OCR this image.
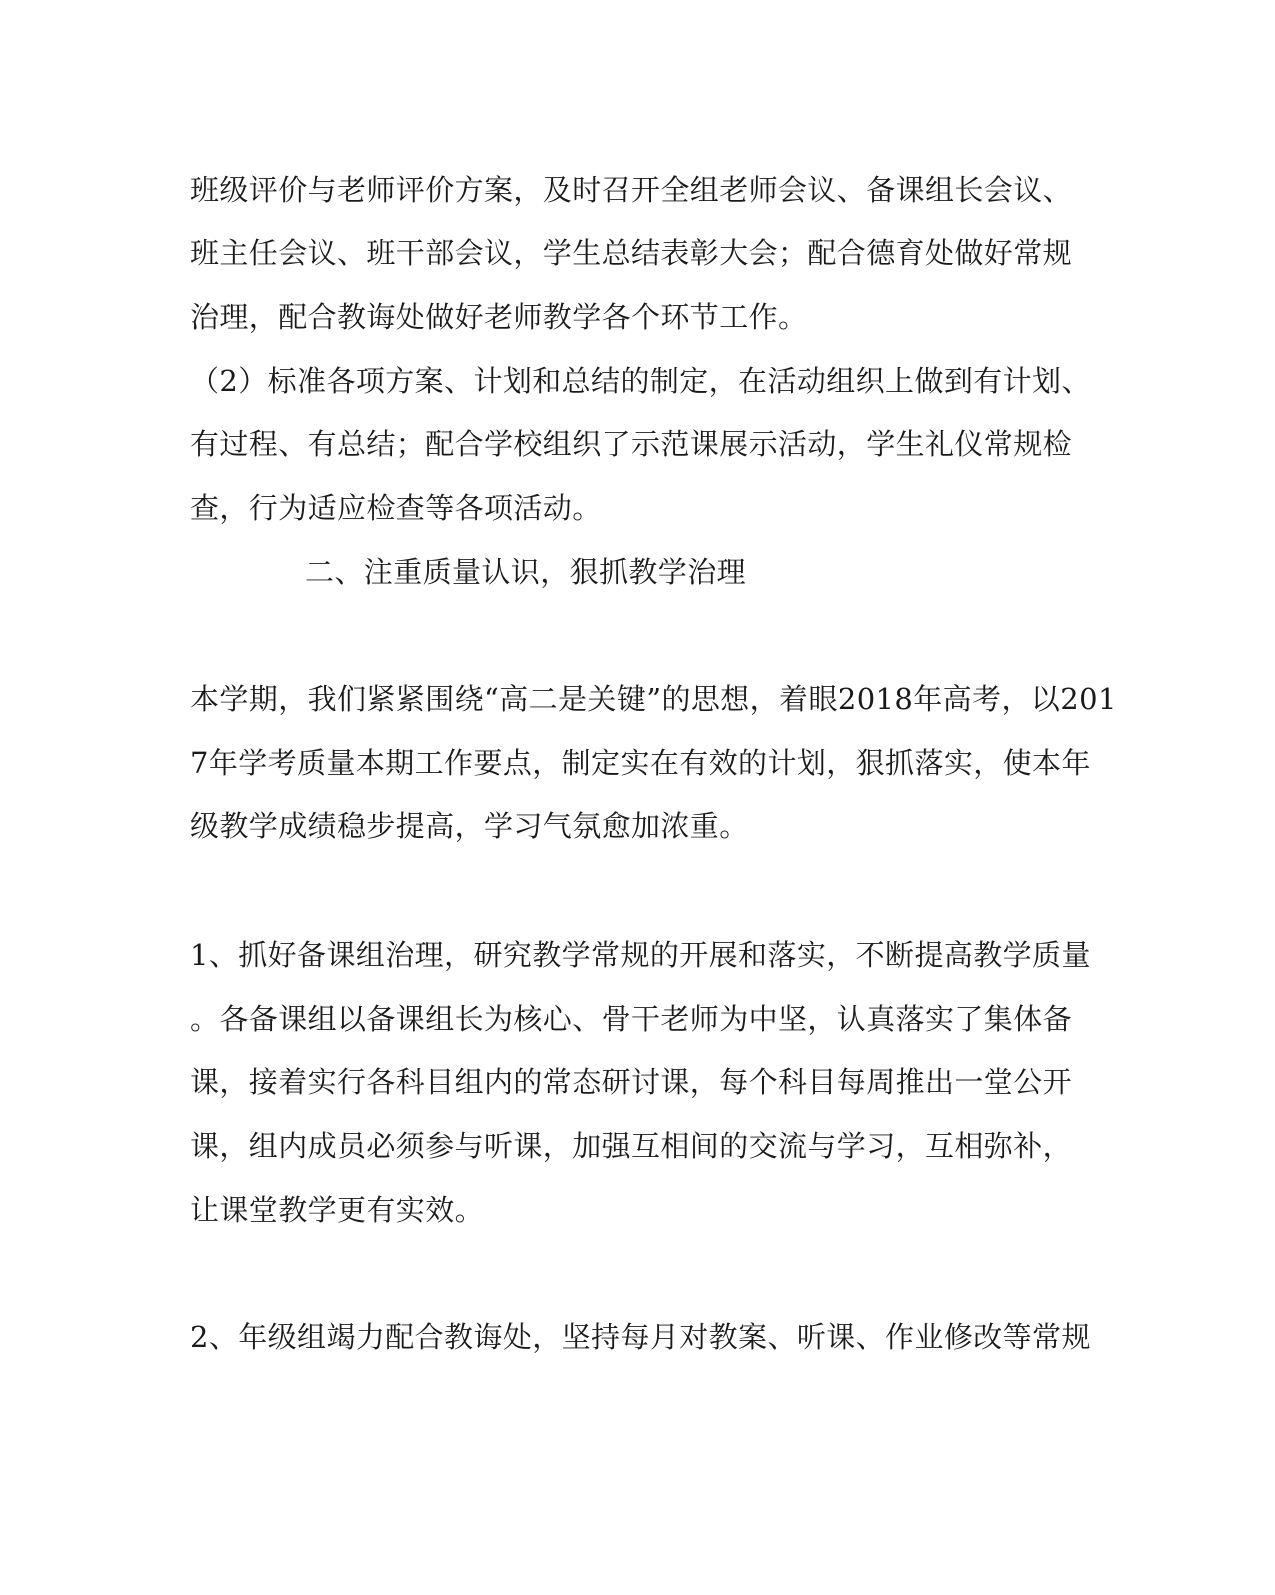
班级评价与老师评价方案，及时召开全组老师会议、备课组长会议、
班主任会议、班干部会议，学生总结表彰大会；配合德育处做好常规
治理，配合教诲处做好老师教学各个环节工作。
（2）标准各项方案、计划和总结的制定，在活动组织上做到有计划、
有过程、有总结；配合学校组织了示范课展示活动，学生礼仪常规检
查，行为适应检查等各项活动。
二、注重质量认识，狠抓教学治理
本学期，我们紧紧围绕“高二是关键”的思想，着眼2018年高考，以201
7年学考质量本期工作要点，制定实在有效的计划，狠抓落实，使本年
级教学成绩稳步提高，学习气氛愈加浓重。
1、抓好备课组治理，研究教学常规的开展和落实，不断提高教学质量
。各备课组以备课组长为核心、骨干老师为中坚，认真落实了集体备
课，接着实行各科目组内的常态研讨课，每个科目每周推出一堂公开
课，组内成员必须参与听课，加强互相间的交流与学习，互相弥补，
让课堂教学更有实效。
2、年级组竭力配合教诲处，坚持每月对教案、听课、作业修改等常规
